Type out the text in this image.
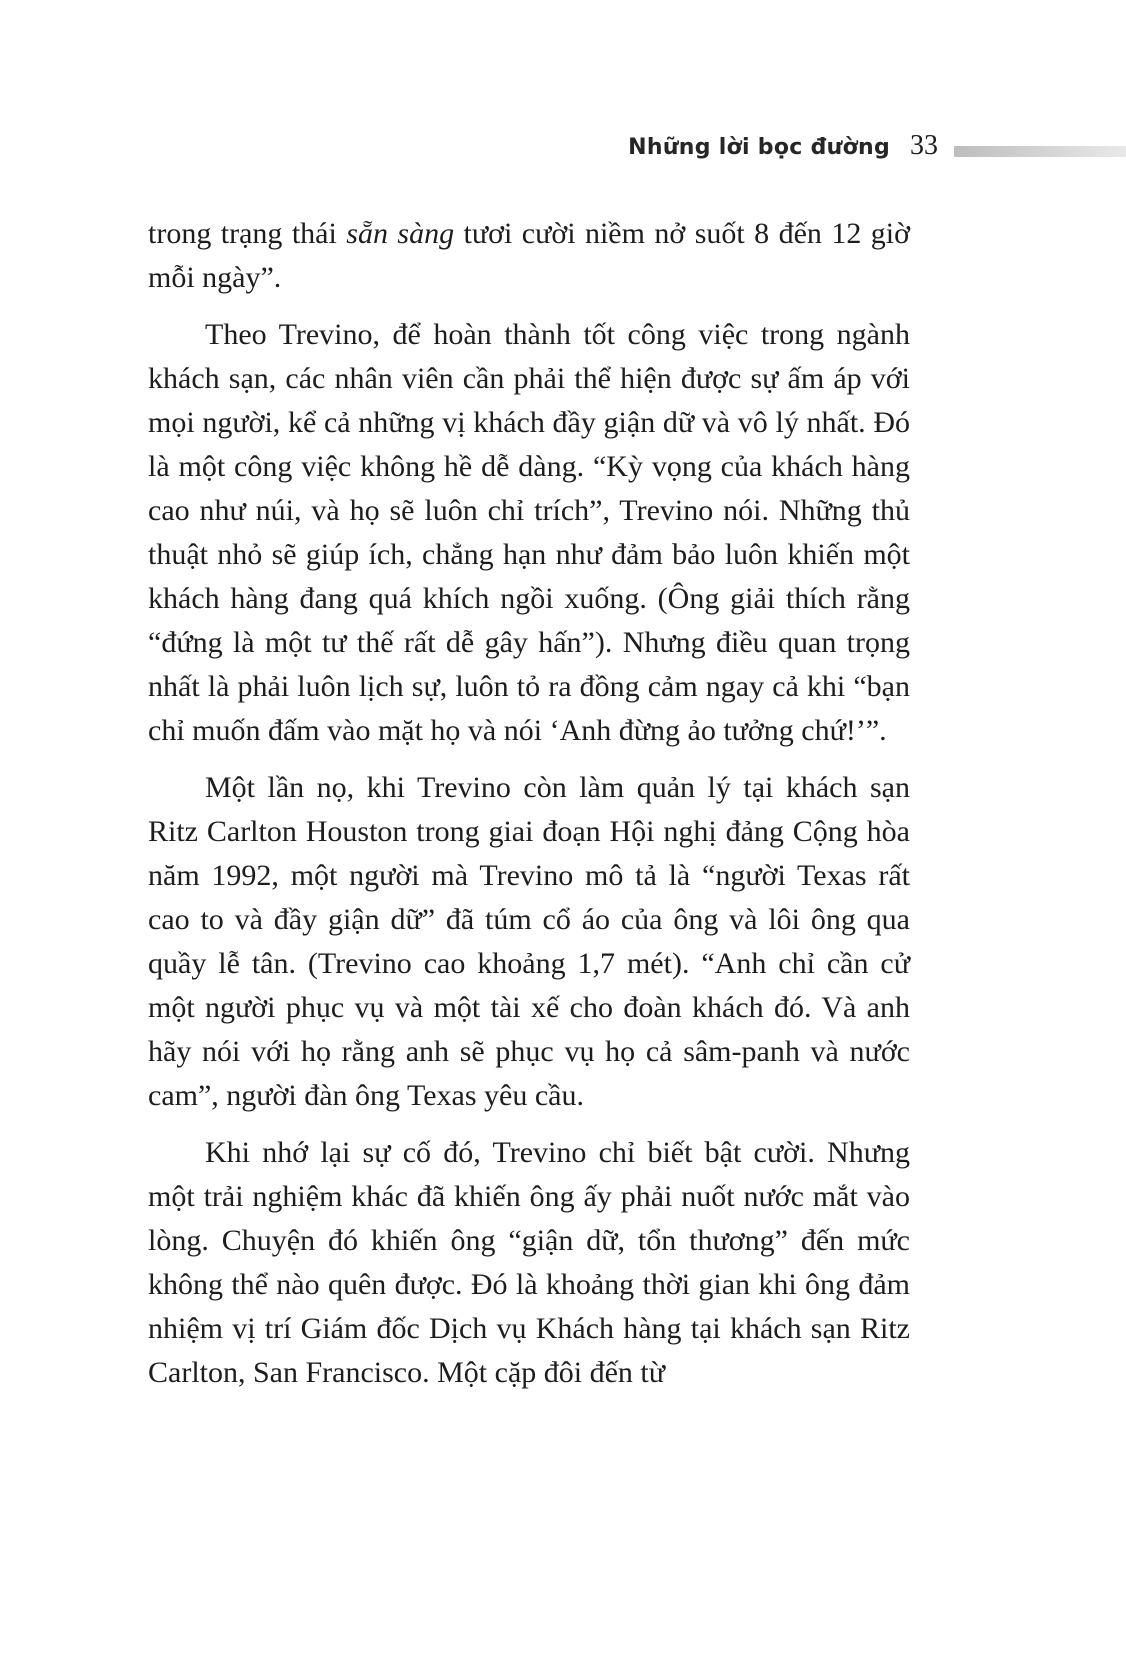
Những lời bọc đường 33

trong trạng thái sẵn sàng tươi cười niềm nở suốt 8 đến 12 giờ mỗi ngày”.

Theo Trevino, để hoàn thành tốt công việc trong ngành khách sạn, các nhân viên cần phải thể hiện được sự ấm áp với mọi người, kể cả những vị khách đầy giận dữ và vô lý nhất. Đó là một công việc không hề dễ dàng. “Kỳ vọng của khách hàng cao như núi, và họ sẽ luôn chỉ trích”, Trevino nói. Những thủ thuật nhỏ sẽ giúp ích, chẳng hạn như đảm bảo luôn khiến một khách hàng đang quá khích ngồi xuống. (Ông giải thích rằng “đứng là một tư thế rất dễ gây hấn”). Nhưng điều quan trọng nhất là phải luôn lịch sự, luôn tỏ ra đồng cảm ngay cả khi “bạn chỉ muốn đấm vào mặt họ và nói ‘Anh đừng ảo tưởng chứ!’”.

Một lần nọ, khi Trevino còn làm quản lý tại khách sạn Ritz Carlton Houston trong giai đoạn Hội nghị đảng Cộng hòa năm 1992, một người mà Trevino mô tả là “người Texas rất cao to và đầy giận dữ” đã túm cổ áo của ông và lôi ông qua quầy lễ tân. (Trevino cao khoảng 1,7 mét). “Anh chỉ cần cử một người phục vụ và một tài xế cho đoàn khách đó. Và anh hãy nói với họ rằng anh sẽ phục vụ họ cả sâm-panh và nước cam”, người đàn ông Texas yêu cầu.

Khi nhớ lại sự cố đó, Trevino chỉ biết bật cười. Nhưng một trải nghiệm khác đã khiến ông ấy phải nuốt nước mắt vào lòng. Chuyện đó khiến ông “giận dữ, tổn thương” đến mức không thể nào quên được. Đó là khoảng thời gian khi ông đảm nhiệm vị trí Giám đốc Dịch vụ Khách hàng tại khách sạn Ritz Carlton, San Francisco. Một cặp đôi đến từ
